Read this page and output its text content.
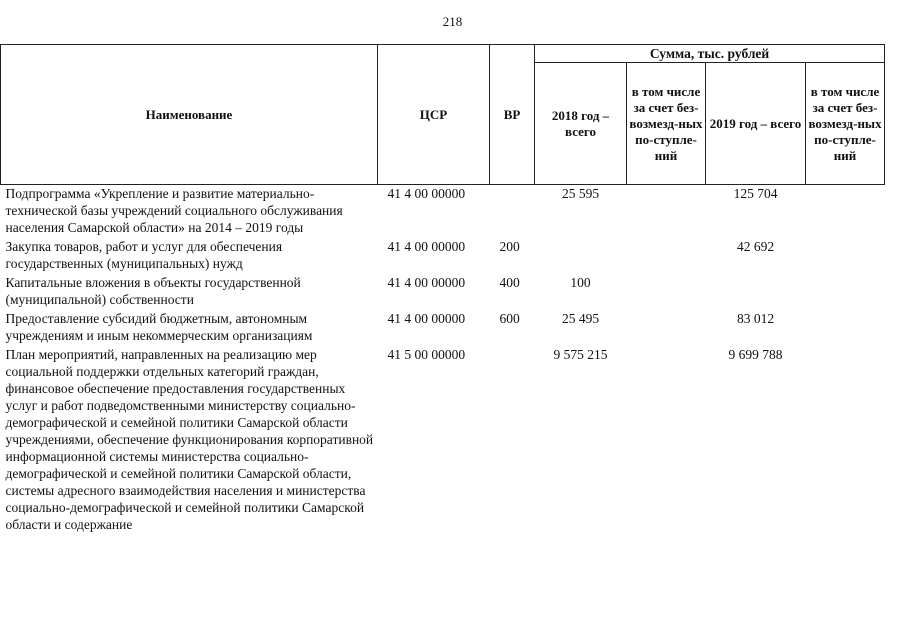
218
Наименование	ЦСР	ВР	Сумма, тыс. рублей			
			2018 год – всего	в том числе за счет без-возмезд-ных по-ступле-ний	2019 год – всего	в том числе за счет без-возмезд-ных по-ступле-ний
Подпрограмма «Укрепление и развитие материально-технической базы учреждений социального обслуживания населения Самарской области» на 2014 – 2019 годы	41 4 00 00000		25 595		125 704	
Закупка товаров, работ и услуг для обеспечения государственных (муниципальных) нужд	41 4 00 00000	200			42 692	
Капитальные вложения в объекты государственной (муниципальной) собственности	41 4 00 00000	400	100			
Предоставление субсидий бюджетным, автономным учреждениям и иным некоммерческим организациям	41 4 00 00000	600	25 495		83 012	
План мероприятий, направленных на реализацию мер социальной поддержки отдельных категорий граждан, финансовое обеспечение предоставления государственных услуг и работ подведомственными министерству социально-демографической и семейной политики Самарской области учреждениями, обеспечение функционирования корпоративной информационной системы министерства социально-демографической и семейной политики Самарской области, системы адресного взаимодействия населения и министерства социально-демографической и семейной политики Самарской области и содержание	41 5 00 00000		9 575 215		9 699 788	
